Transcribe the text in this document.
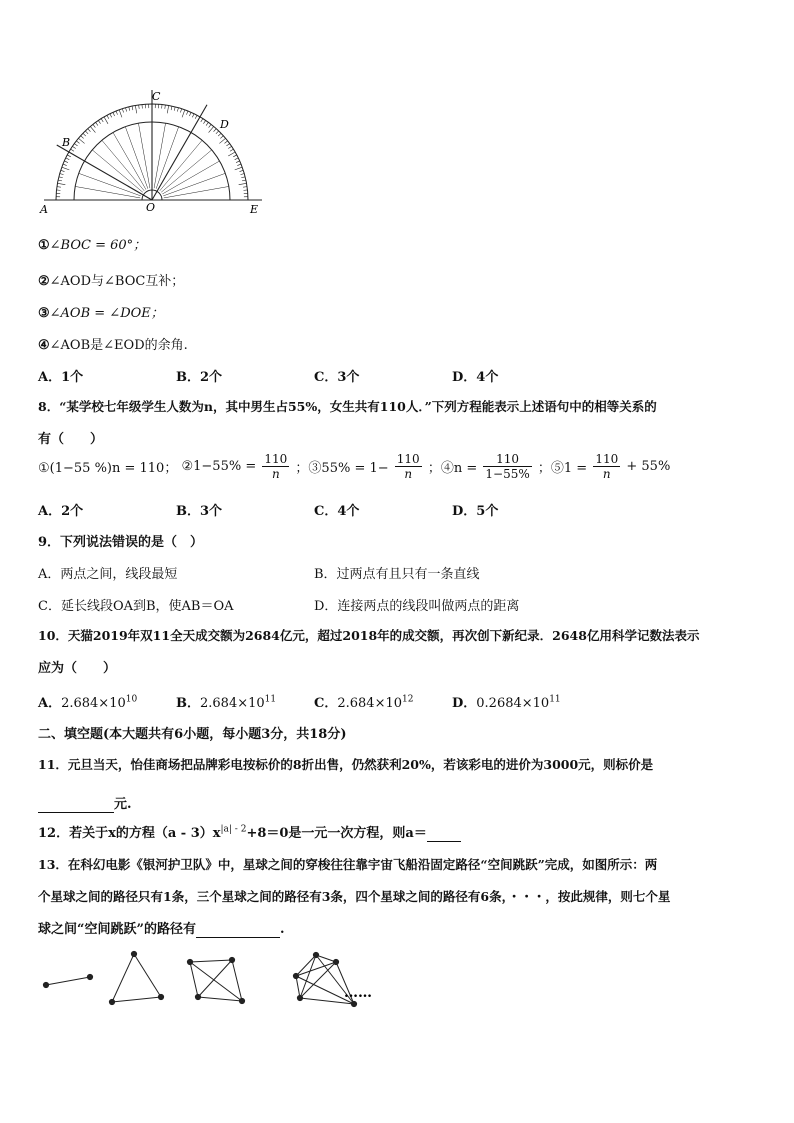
A
B
C
D
E
O
①∠BOC = 60°；
②∠AOD与∠BOC互补；
③∠AOB = ∠DOE；
④∠AOB是∠EOD的余角.
A．1个	B．2个	C．3个	D．4个
8．“某学校七年级学生人数为n，其中男生占55%，女生共有110人．”下列方程能表示上述语句中的相等关系的
有（　　）
①(1−55 %)n = 110； ②1−55% = $\frac{110}{n}$ ；③55% = $1- \frac{110}{n}$ ；④n = $\frac{110}{1-55\%}$ ；⑤1 = $\frac{110}{n} + 55\%$
A．2个	B．3个	C．4个	D．5个
9．下列说法错误的是（　）
A．两点之间，线段最短	B．过两点有且只有一条直线
C．延长线段OA到B，使AB＝OA	D．连接两点的线段叫做两点的距离
10．天猫2019年双11全天成交额为2684亿元，超过2018年的成交额，再次创下新纪录．2648亿用科学记数法表示
应为（　　）
A．$2.684\times 10^{10}$	B．$2.684\times 10^{11}$	C．$2.684\times 10^{12}$	D．$0.2684\times 10^{11}$
二、填空题(本大题共有6小题，每小题3分，共18分)
11．元旦当天，怡佳商场把品牌彩电按标价的8折出售，仍然获利20%，若该彩电的进价为3000元，则标价是
元.
12．若关于x的方程$(a - 3)x^{|a| - 2}+8=0$是一元一次方程，则a＝
13．在科幻电影《银河护卫队》中，星球之间的穿梭往往靠宇宙飞船沿固定路径“空间跳跃”完成，如图所示：两
个星球之间的路径只有1条，三个星球之间的路径有3条，四个星球之间的路径有6条，・・・，按此规律，则七个星
球之间“空间跳跃”的路径有	.
……
